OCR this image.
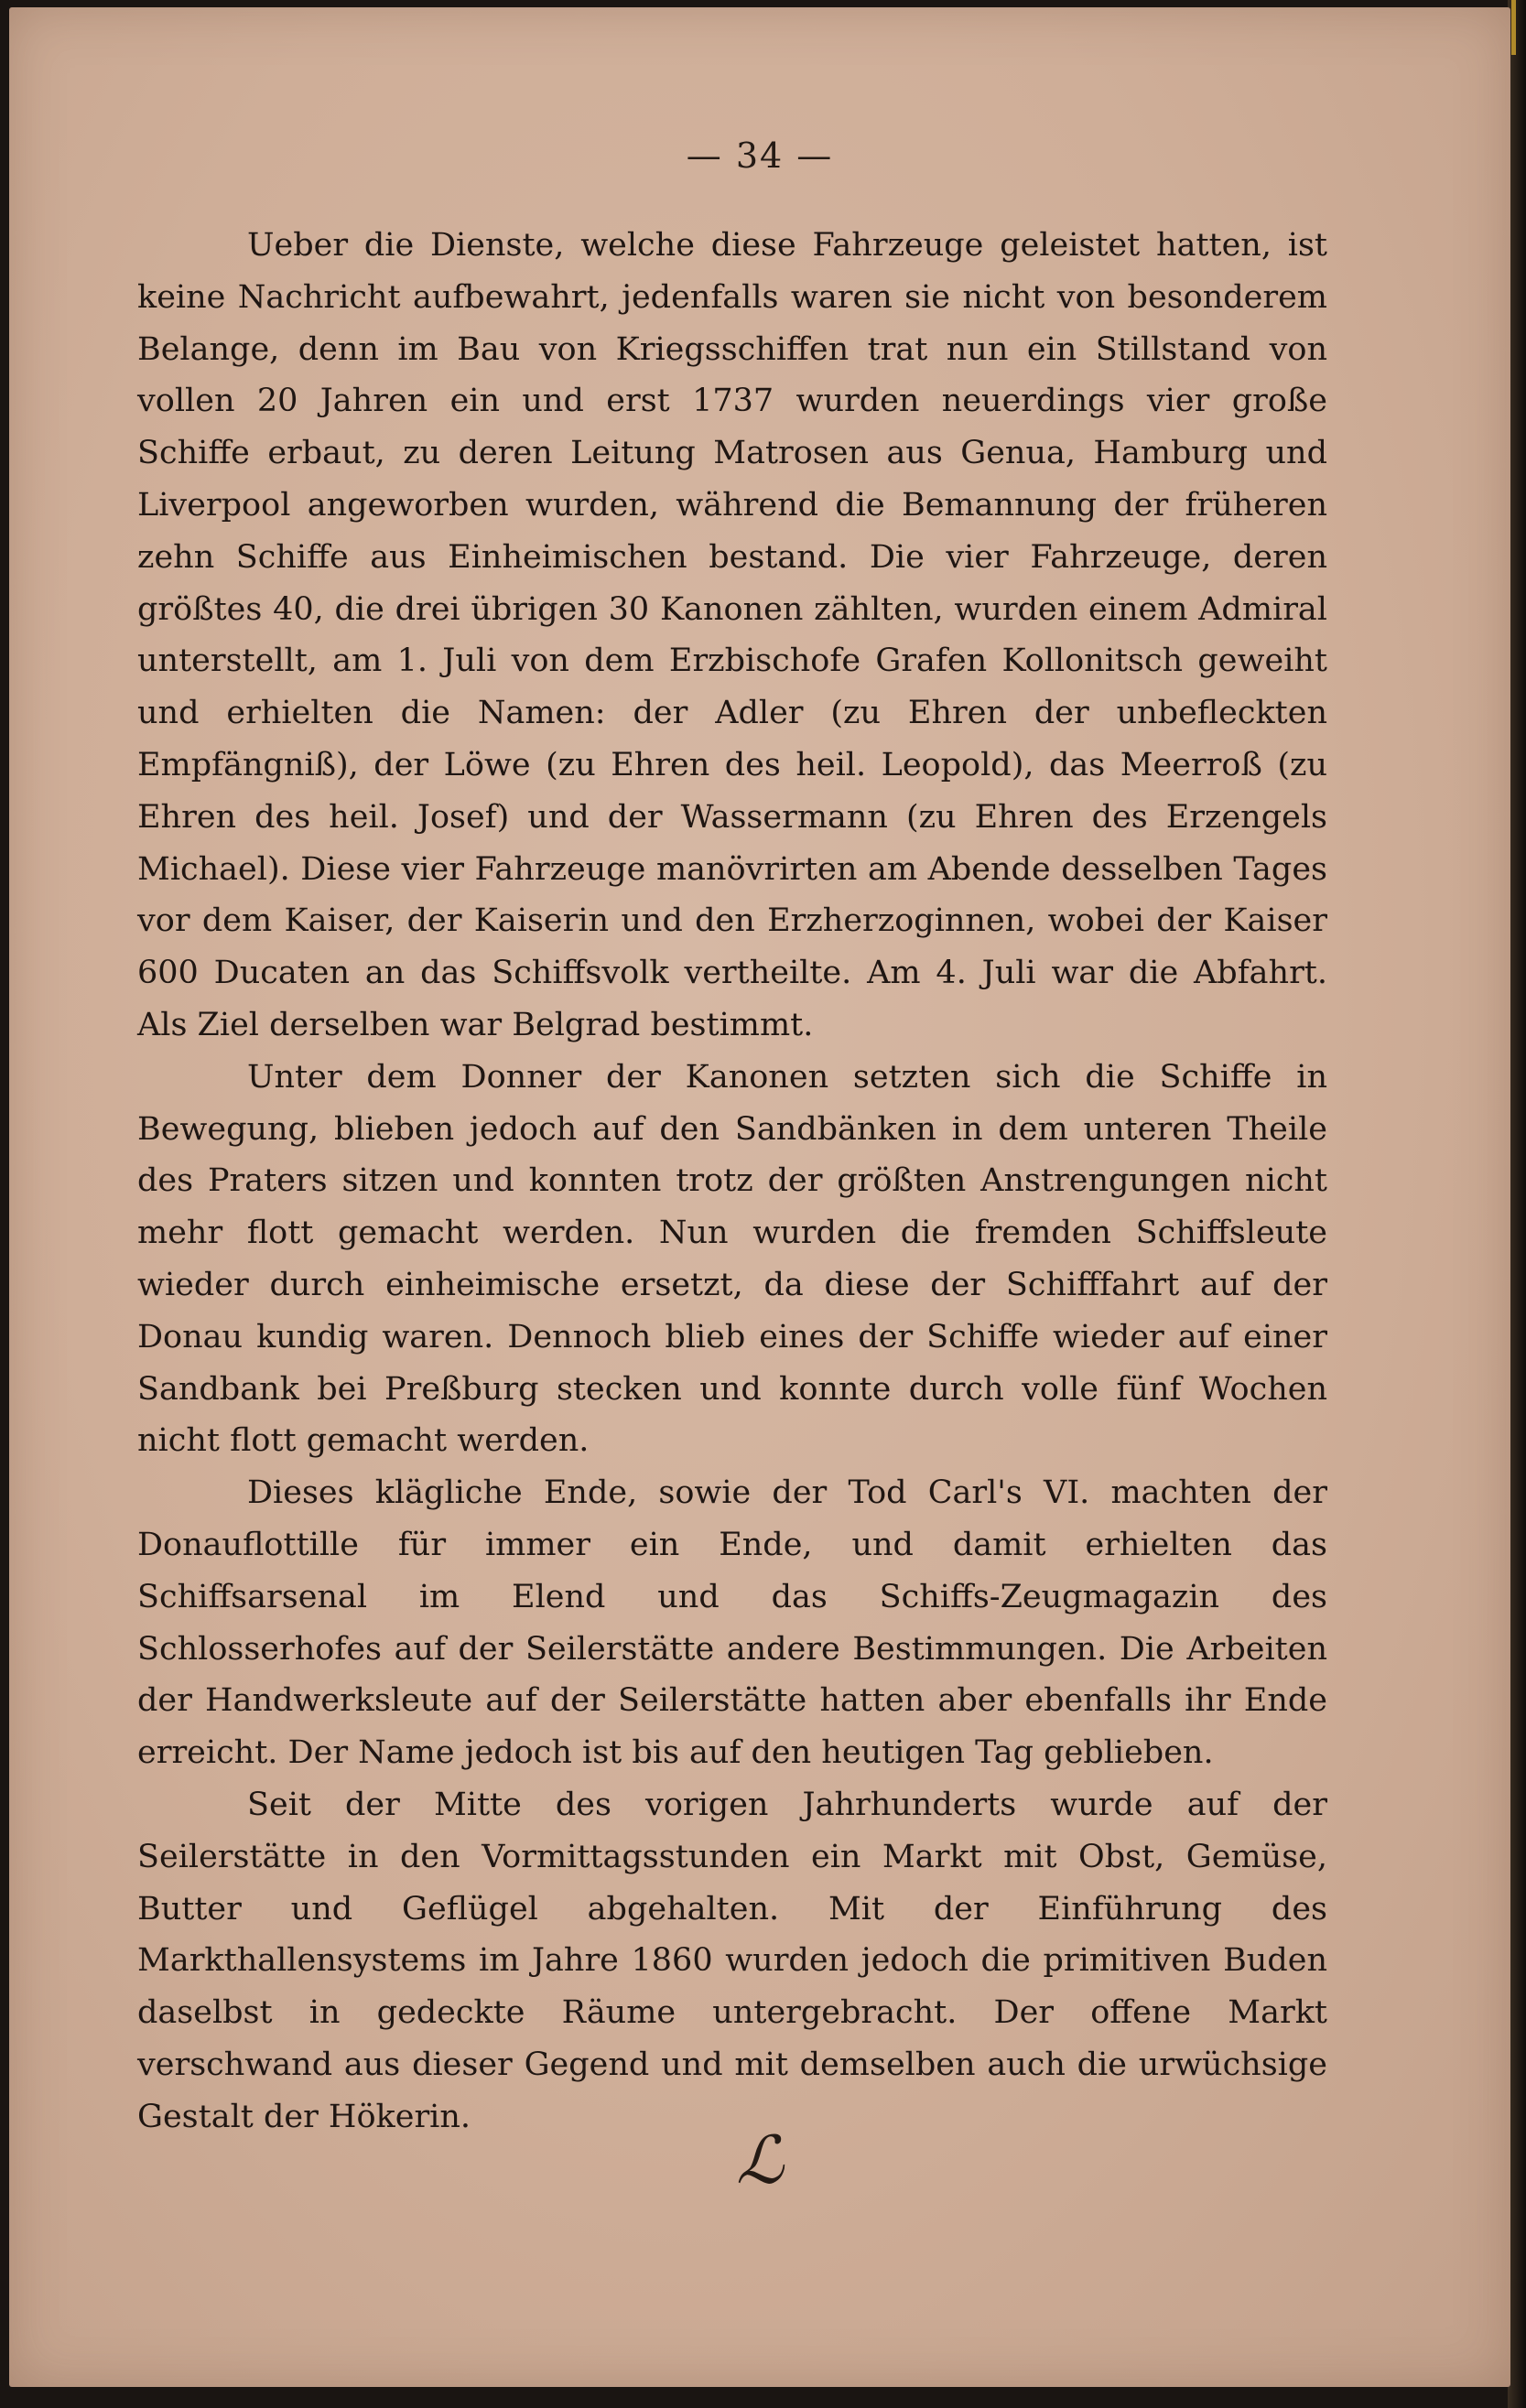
— 34 —

Ueber die Dienste, welche diese Fahrzeuge geleistet hatten, ist keine Nachricht aufbewahrt, jedenfalls waren sie nicht von besonderem Belange, denn im Bau von Kriegsschiffen trat nun ein Stillstand von vollen 20 Jahren ein und erst 1737 wurden neuerdings vier große Schiffe erbaut, zu deren Leitung Matrosen aus Genua, Hamburg und Liverpool angeworben wurden, während die Bemannung der früheren zehn Schiffe aus Einheimischen bestand. Die vier Fahrzeuge, deren größtes 40, die drei übrigen 30 Kanonen zählten, wurden einem Admiral unterstellt, am 1. Juli von dem Erzbischofe Grafen Kollonitsch geweiht und erhielten die Namen: der Adler (zu Ehren der unbefleckten Empfängniß), der Löwe (zu Ehren des heil. Leopold), das Meerroß (zu Ehren des heil. Josef) und der Wassermann (zu Ehren des Erzengels Michael). Diese vier Fahrzeuge manövrirten am Abende desselben Tages vor dem Kaiser, der Kaiserin und den Erzherzoginnen, wobei der Kaiser 600 Ducaten an das Schiffsvolk vertheilte. Am 4. Juli war die Abfahrt. Als Ziel derselben war Belgrad bestimmt.

Unter dem Donner der Kanonen setzten sich die Schiffe in Bewegung, blieben jedoch auf den Sandbänken in dem unteren Theile des Praters sitzen und konnten trotz der größten Anstrengungen nicht mehr flott gemacht werden. Nun wurden die fremden Schiffsleute wieder durch einheimische ersetzt, da diese der Schifffahrt auf der Donau kundig waren. Dennoch blieb eines der Schiffe wieder auf einer Sandbank bei Preßburg stecken und konnte durch volle fünf Wochen nicht flott gemacht werden.

Dieses klägliche Ende, sowie der Tod Carl's VI. machten der Donauflottille für immer ein Ende, und damit erhielten das Schiffsarsenal im Elend und das Schiffs-Zeugmagazin des Schlosserhofes auf der Seilerstätte andere Bestimmungen. Die Arbeiten der Handwerksleute auf der Seilerstätte hatten aber ebenfalls ihr Ende erreicht. Der Name jedoch ist bis auf den heutigen Tag geblieben.

Seit der Mitte des vorigen Jahrhunderts wurde auf der Seilerstätte in den Vormittagsstunden ein Markt mit Obst, Gemüse, Butter und Geflügel abgehalten. Mit der Einführung des Markthallensystems im Jahre 1860 wurden jedoch die primitiven Buden daselbst in gedeckte Räume untergebracht. Der offene Markt verschwand aus dieser Gegend und mit demselben auch die urwüchsige Gestalt der Hökerin.

ℒ
